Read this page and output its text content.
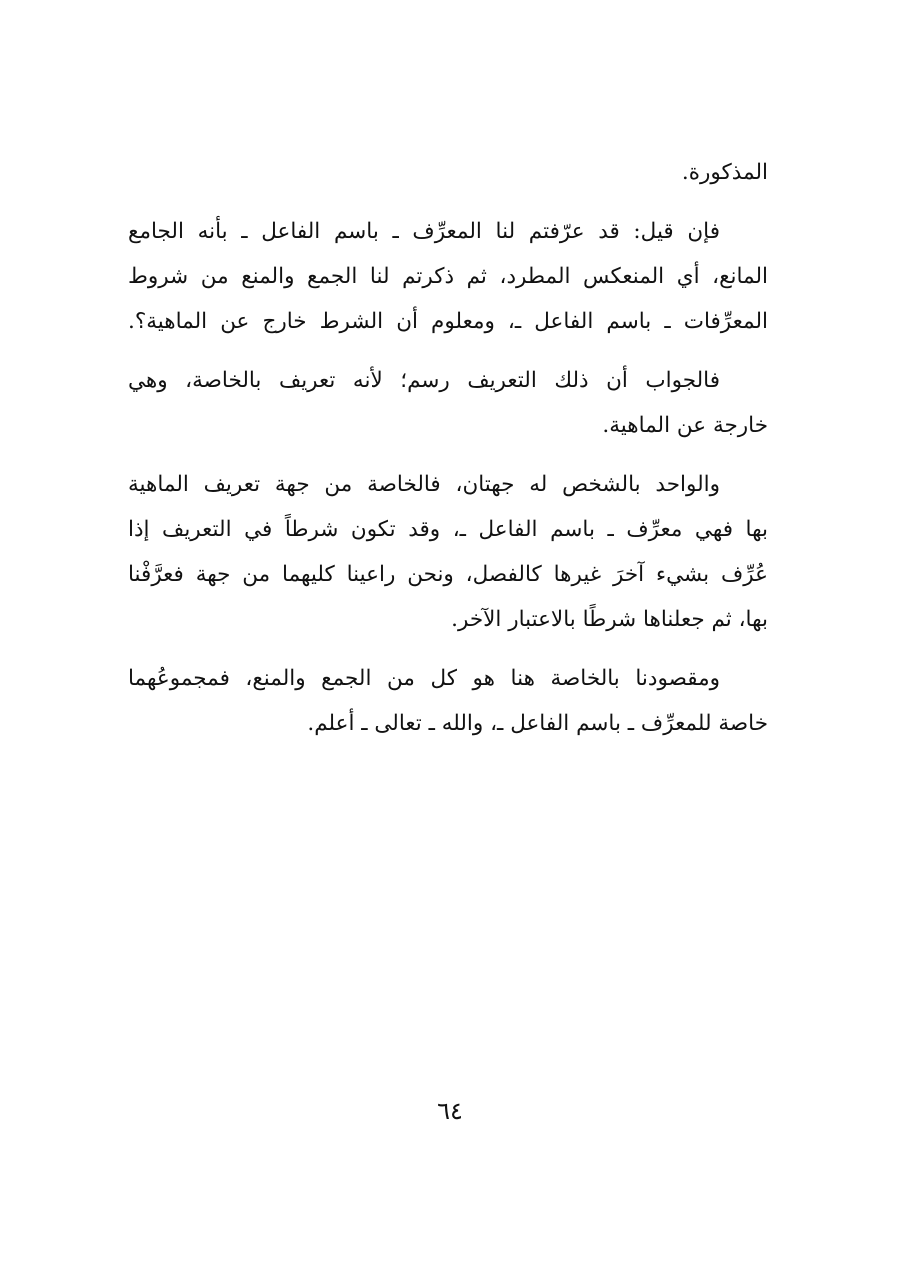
المذكورة.

فإن قيل: قد عرّفتم لنا المعرِّف ـ باسم الفاعل ـ بأنه الجامع

المانع، أي المنعكس المطرد، ثم ذكرتم لنا الجمع والمنع من شروط

المعرِّفات ـ باسم الفاعل ـ، ومعلوم أن الشرط خارج عن الماهية؟.

فالجواب أن ذلك التعريف رسم؛ لأنه تعريف بالخاصة، وهي

خارجة عن الماهية.

والواحد بالشخص له جهتان، فالخاصة من جهة تعريف الماهية

بها فهي معرِّف ـ باسم الفاعل ـ، وقد تكون شرطاً في التعريف إذا

عُرِّف بشيء آخرَ غيرها كالفصل، ونحن راعينا كليهما من جهة فعرَّفْنا

بها، ثم جعلناها شرطًا بالاعتبار الآخر.

ومقصودنا بالخاصة هنا هو كل من الجمع والمنع، فمجموعُهما

خاصة للمعرِّف ـ باسم الفاعل ـ، والله ـ تعالى ـ أعلم.

٦٤
